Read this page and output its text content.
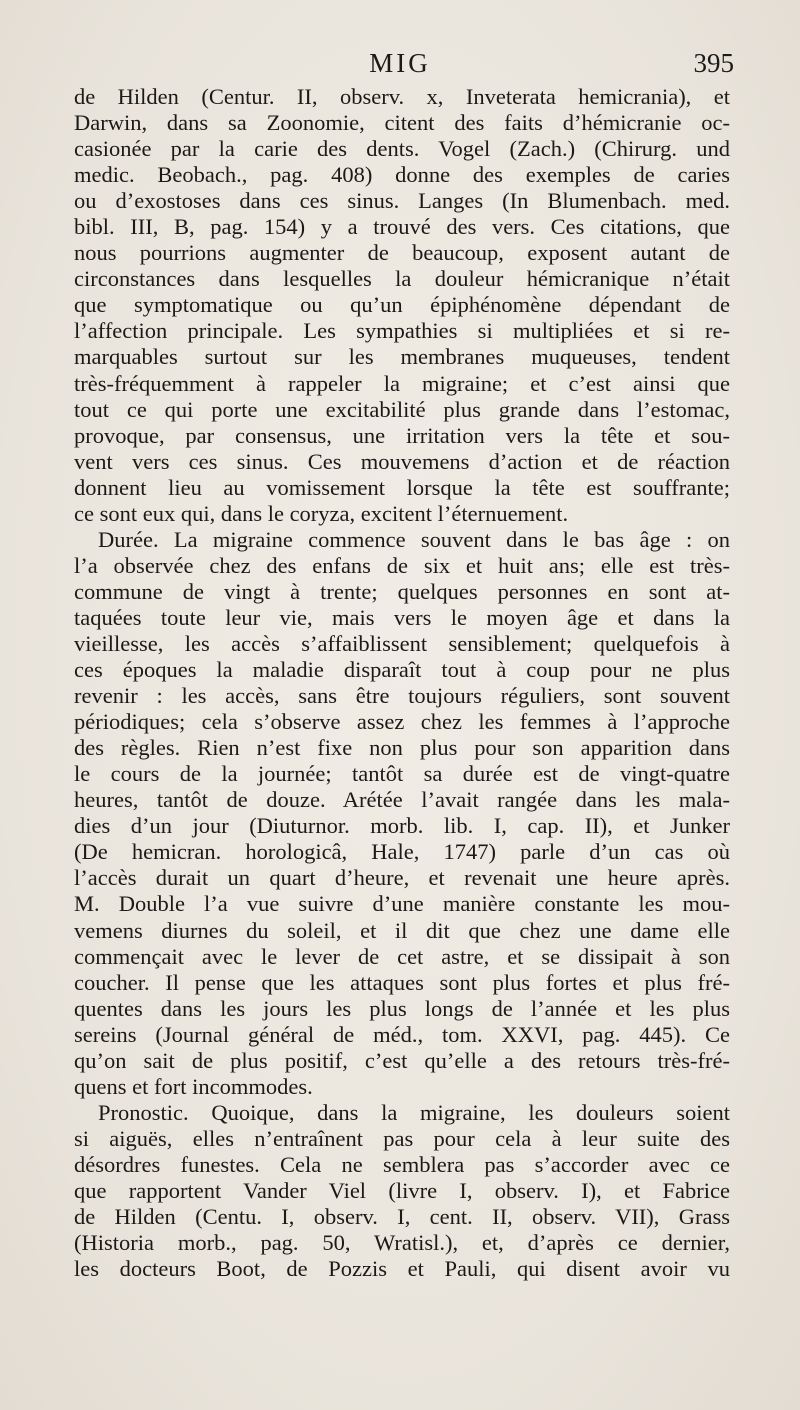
MIG	395
de Hilden (Centur. II, observ. x, Inveterata hemicrania), et
Darwin, dans sa Zoonomie, citent des faits d’hémicranie oc-
casionée par la carie des dents. Vogel (Zach.) (Chirurg. und
medic. Beobach., pag. 408) donne des exemples de caries
ou d’exostoses dans ces sinus. Langes (In Blumenbach. med.
bibl. III, B, pag. 154) y a trouvé des vers. Ces citations, que
nous pourrions augmenter de beaucoup, exposent autant de
circonstances dans lesquelles la douleur hémicranique n’était
que symptomatique ou qu’un épiphénomène dépendant de
l’affection principale. Les sympathies si multipliées et si re-
marquables surtout sur les membranes muqueuses, tendent
très-fréquemment à rappeler la migraine; et c’est ainsi que
tout ce qui porte une excitabilité plus grande dans l’estomac,
provoque, par consensus, une irritation vers la tête et sou-
vent vers ces sinus. Ces mouvemens d’action et de réaction
donnent lieu au vomissement lorsque la tête est souffrante;
ce sont eux qui, dans le coryza, excitent l’éternuement.
Durée. La migraine commence souvent dans le bas âge : on
l’a observée chez des enfans de six et huit ans; elle est très-
commune de vingt à trente; quelques personnes en sont at-
taquées toute leur vie, mais vers le moyen âge et dans la
vieillesse, les accès s’affaiblissent sensiblement; quelquefois à
ces époques la maladie disparaît tout à coup pour ne plus
revenir : les accès, sans être toujours réguliers, sont souvent
périodiques; cela s’observe assez chez les femmes à l’approche
des règles. Rien n’est fixe non plus pour son apparition dans
le cours de la journée; tantôt sa durée est de vingt-quatre
heures, tantôt de douze. Arétée l’avait rangée dans les mala-
dies d’un jour (Diuturnor. morb. lib. I, cap. II), et Junker
(De hemicran. horologicâ, Hale, 1747) parle d’un cas où
l’accès durait un quart d’heure, et revenait une heure après.
M. Double l’a vue suivre d’une manière constante les mou-
vemens diurnes du soleil, et il dit que chez une dame elle
commençait avec le lever de cet astre, et se dissipait à son
coucher. Il pense que les attaques sont plus fortes et plus fré-
quentes dans les jours les plus longs de l’année et les plus
sereins (Journal général de méd., tom. XXVI, pag. 445). Ce
qu’on sait de plus positif, c’est qu’elle a des retours très-fré-
quens et fort incommodes.
Pronostic. Quoique, dans la migraine, les douleurs soient
si aiguës, elles n’entraînent pas pour cela à leur suite des
désordres funestes. Cela ne semblera pas s’accorder avec ce
que rapportent Vander Viel (livre I, observ. I), et Fabrice
de Hilden (Centu. I, observ. I, cent. II, observ. VII), Grass
(Historia morb., pag. 50, Wratisl.), et, d’après ce dernier,
les docteurs Boot, de Pozzis et Pauli, qui disent avoir vu
